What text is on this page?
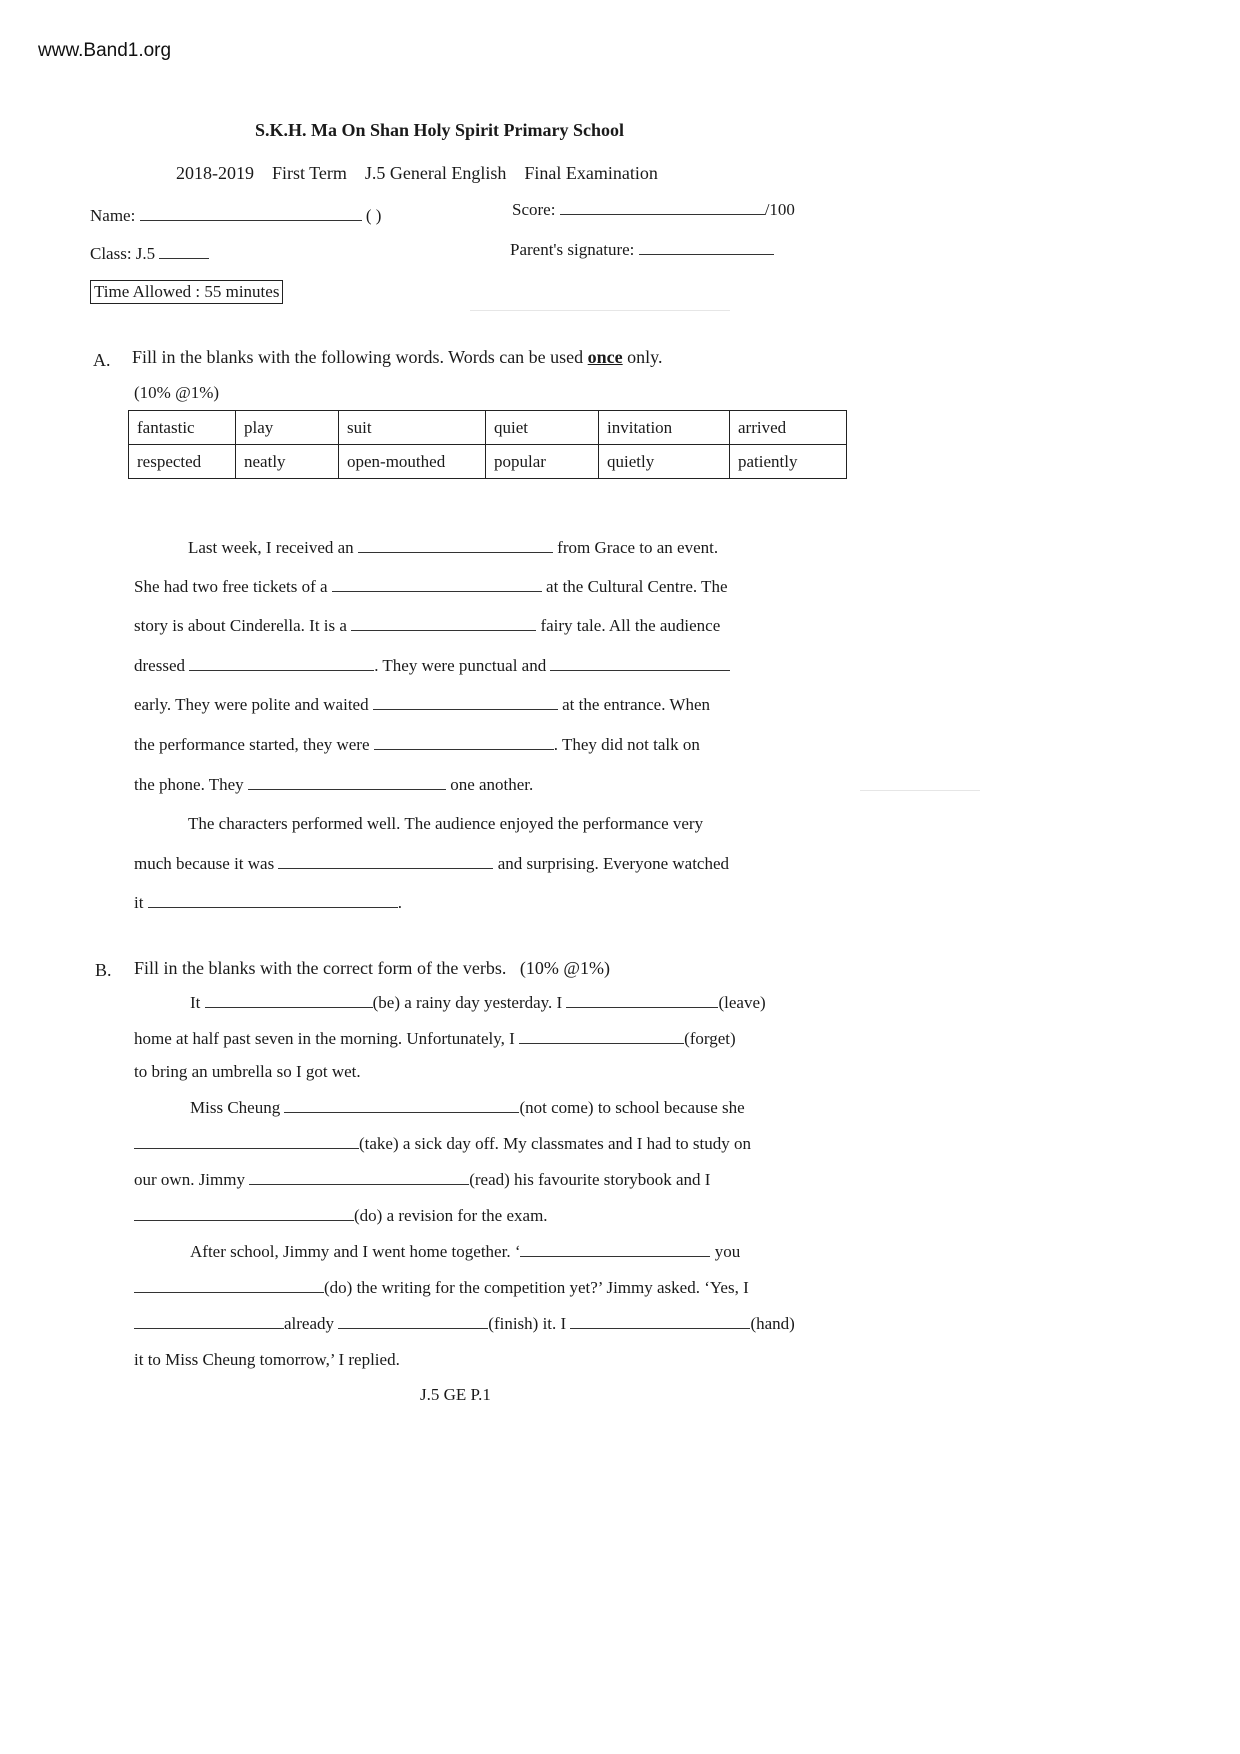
www.Band1.org
S.K.H. Ma On Shan Holy Spirit Primary School
2018-2019 First Term J.5 General English Final Examination
Name:	( )	Score:	/100
Class: J.5	Parent's signature:
Time Allowed : 55 minutes
A. Fill in the blanks with the following words. Words can be used once only.
(10% @1%)
fantastic	play	suit	quiet	invitation	arrived
respected	neatly	open-mouthed	popular	quietly	patiently
Last week, I received an	from Grace to an event.
She had two free tickets of a	at the Cultural Centre. The
story is about Cinderella. It is a	fairy tale. All the audience
dressed	. They were punctual and
early. They were polite and waited	at the entrance. When
the performance started, they were	. They did not talk on
the phone. They	one another.
The characters performed well. The audience enjoyed the performance very
much because it was	and surprising. Everyone watched
it	.
B. Fill in the blanks with the correct form of the verbs. (10% @1%)
It	(be) a rainy day yesterday. I	(leave)
home at half past seven in the morning. Unfortunately, I	(forget)
to bring an umbrella so I got wet.
Miss Cheung	(not come) to school because she
(take) a sick day off. My classmates and I had to study on
our own. Jimmy	(read) his favourite storybook and I
(do) a revision for the exam.
After school, Jimmy and I went home together. ‘	you
(do) the writing for the competition yet?’ Jimmy asked. ‘Yes, I
already	(finish) it. I	(hand)
it to Miss Cheung tomorrow,’ I replied.
J.5 GE P.1
